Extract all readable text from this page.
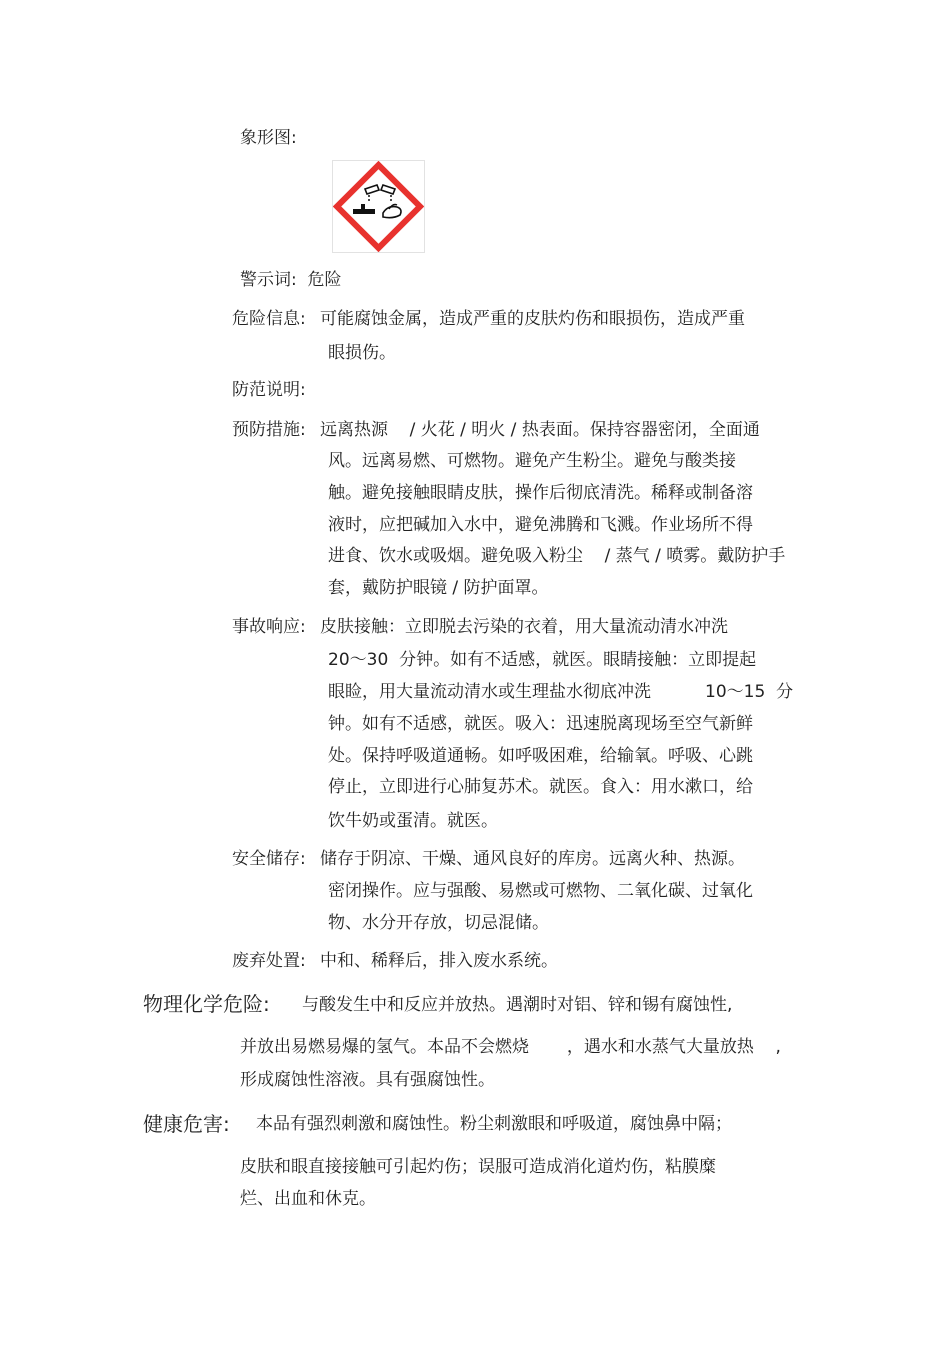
象形图:
警示词:  危险
危险信息: 可能腐蚀金属，造成严重的皮肤灼伤和眼损伤，造成严重
眼损伤。
防范说明:
预防措施: 远离热源    / 火花 / 明火 / 热表面。保持容器密闭，全面通
风。远离易燃、可燃物。避免产生粉尘。避免与酸类接
触。避免接触眼睛皮肤，操作后彻底清洗。稀释或制备溶
液时，应把碱加入水中，避免沸腾和飞溅。作业场所不得
进食、饮水或吸烟。避免吸入粉尘    / 蒸气 / 喷雾。戴防护手
套，戴防护眼镜 / 防护面罩。
事故响应: 皮肤接触：立即脱去污染的衣着，用大量流动清水冲洗
20～30  分钟。如有不适感，就医。眼睛接触：立即提起
眼睑，用大量流动清水或生理盐水彻底冲洗          10～15  分
钟。如有不适感，就医。吸入：迅速脱离现场至空气新鲜
处。保持呼吸道通畅。如呼吸困难，给输氧。呼吸、心跳
停止，立即进行心肺复苏术。就医。食入：用水漱口，给
饮牛奶或蛋清。就医。
安全储存: 储存于阴凉、干燥、通风良好的库房。远离火种、热源。
密闭操作。应与强酸、易燃或可燃物、二氧化碳、过氧化
物、水分开存放，切忌混储。
废弃处置: 中和、稀释后，排入废水系统。
物理化学危险: 与酸发生中和反应并放热。遇潮时对铝、锌和锡有腐蚀性,
并放出易燃易爆的氢气。本品不会燃烧       ，遇水和水蒸气大量放热    ,
形成腐蚀性溶液。具有强腐蚀性。
健康危害: 本品有强烈刺激和腐蚀性。粉尘刺激眼和呼吸道，腐蚀鼻中隔；
皮肤和眼直接接触可引起灼伤；误服可造成消化道灼伤，粘膜糜
烂、出血和休克。
